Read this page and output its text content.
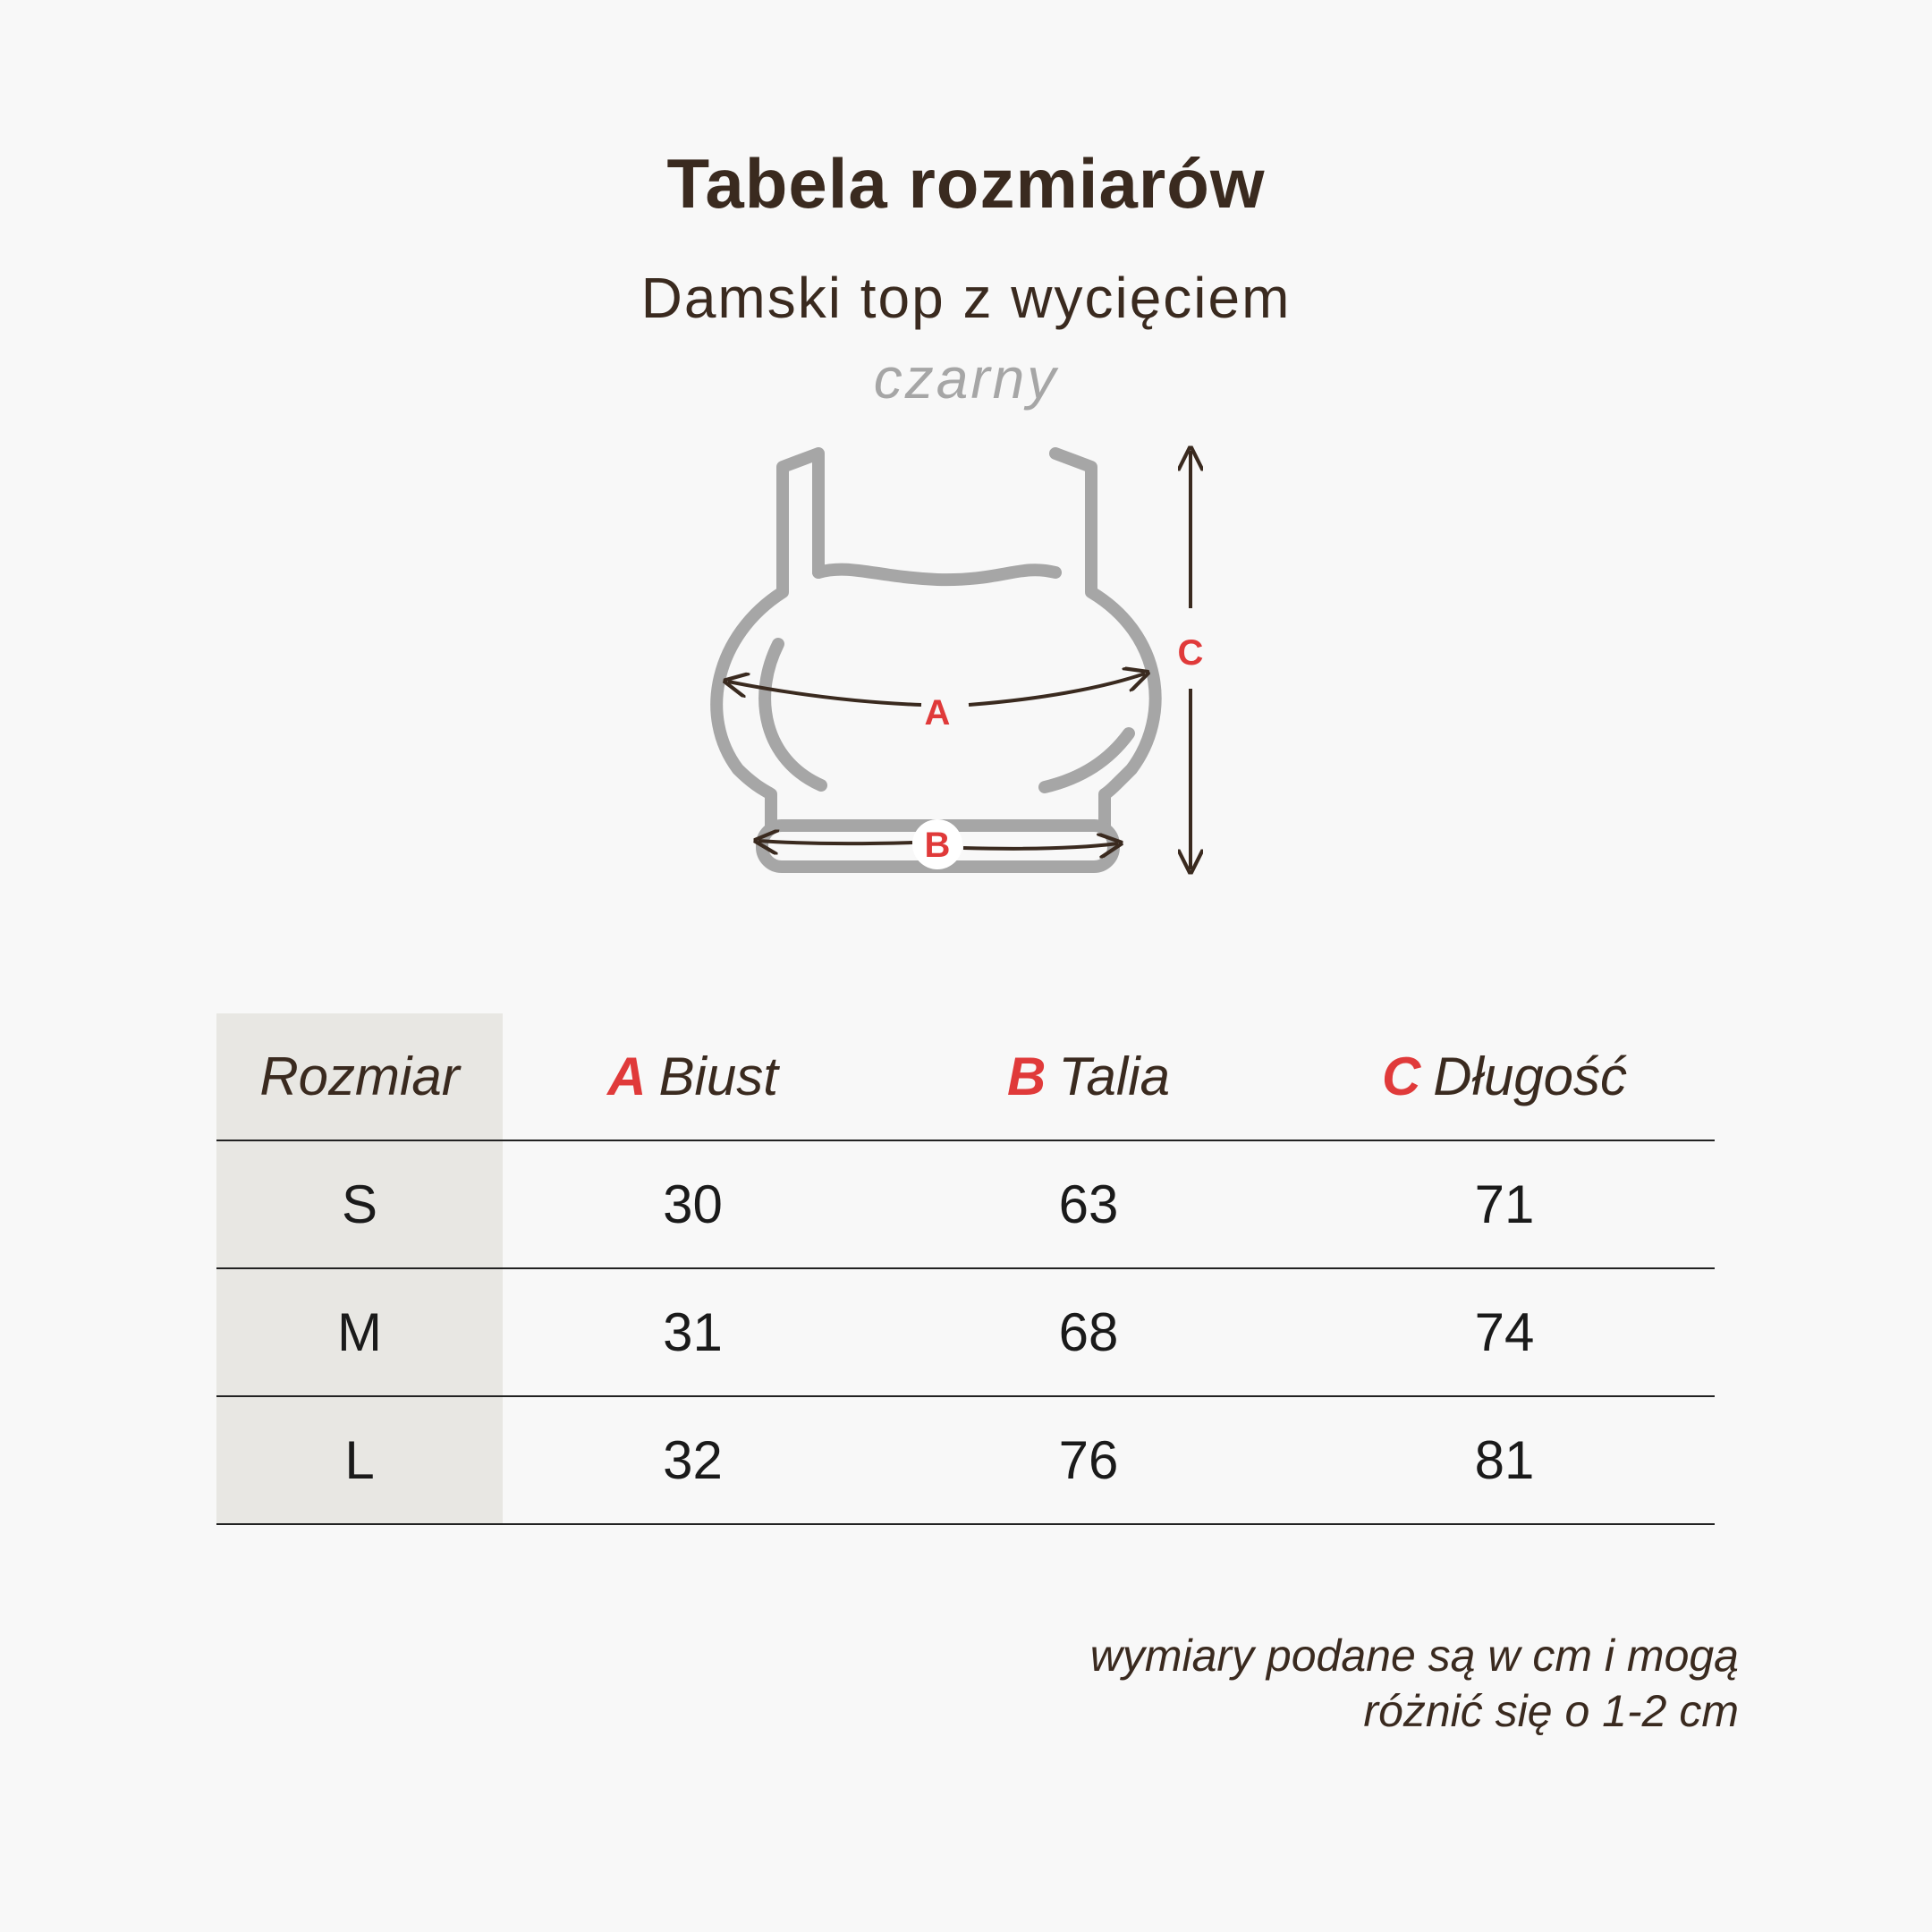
Tabela rozmiarów
Damski top z wycięciem
czarny
A
B
C
Rozmiar	A Biust	B Talia	C Długość
S	30	63	71
M	31	68	74
L	32	76	81
wymiary podane są w cm i mogą
różnić się o 1-2 cm
